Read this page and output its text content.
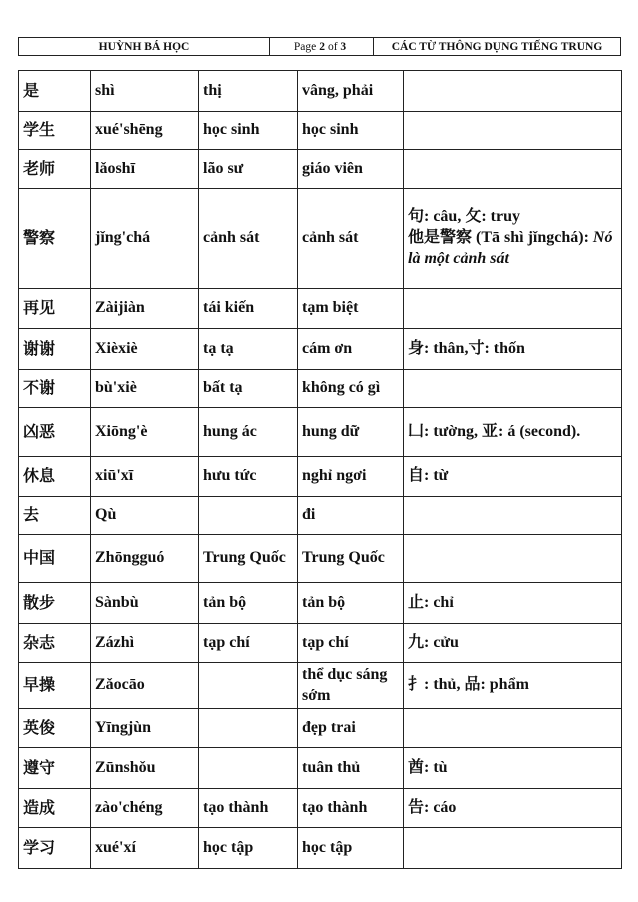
HUỲNH BÁ HỌC	Page 2 of
3	CÁC TỪ THÔNG DỤNG TIẾNG TRUNG
是	shì	thị	vâng, phải	
学生	xué'shēng	học sinh	học sinh	
老师	lǎoshī	lão sư	giáo viên	
警察	jǐng'chá	cảnh sát	cảnh sát	句: câu, 攵: truy
他是警察 (Tā shì jǐngchá): Nó là một cảnh sát
再见	Zàijiàn	tái kiến	tạm biệt	
谢谢	Xièxiè	tạ tạ	cám ơn	身: thân,寸: thốn
不谢	bù'xiè	bất tạ	không có gì	
凶恶	Xiōng'è	hung ác	hung dữ	凵: tường, 亚: á (second).
休息	xiū'xī	hưu tức	nghỉ ngơi	自: từ
去	Qù		đi	
中国	Zhōngguó	Trung Quốc	Trung Quốc	
散步	Sànbù	tản bộ	tản bộ	止: chỉ
杂志	Zázhì	tạp chí	tạp chí	九: cửu
早操	Zǎocāo		thể dục sáng sớm	扌: thủ, 品: phẩm
英俊	Yīngjùn		đẹp trai	
遵守	Zūnshǒu		tuân thủ	酋: tù
造成	zào'chéng	tạo thành	tạo thành	告: cáo
学习	xué'xí	học tập	học tập	
